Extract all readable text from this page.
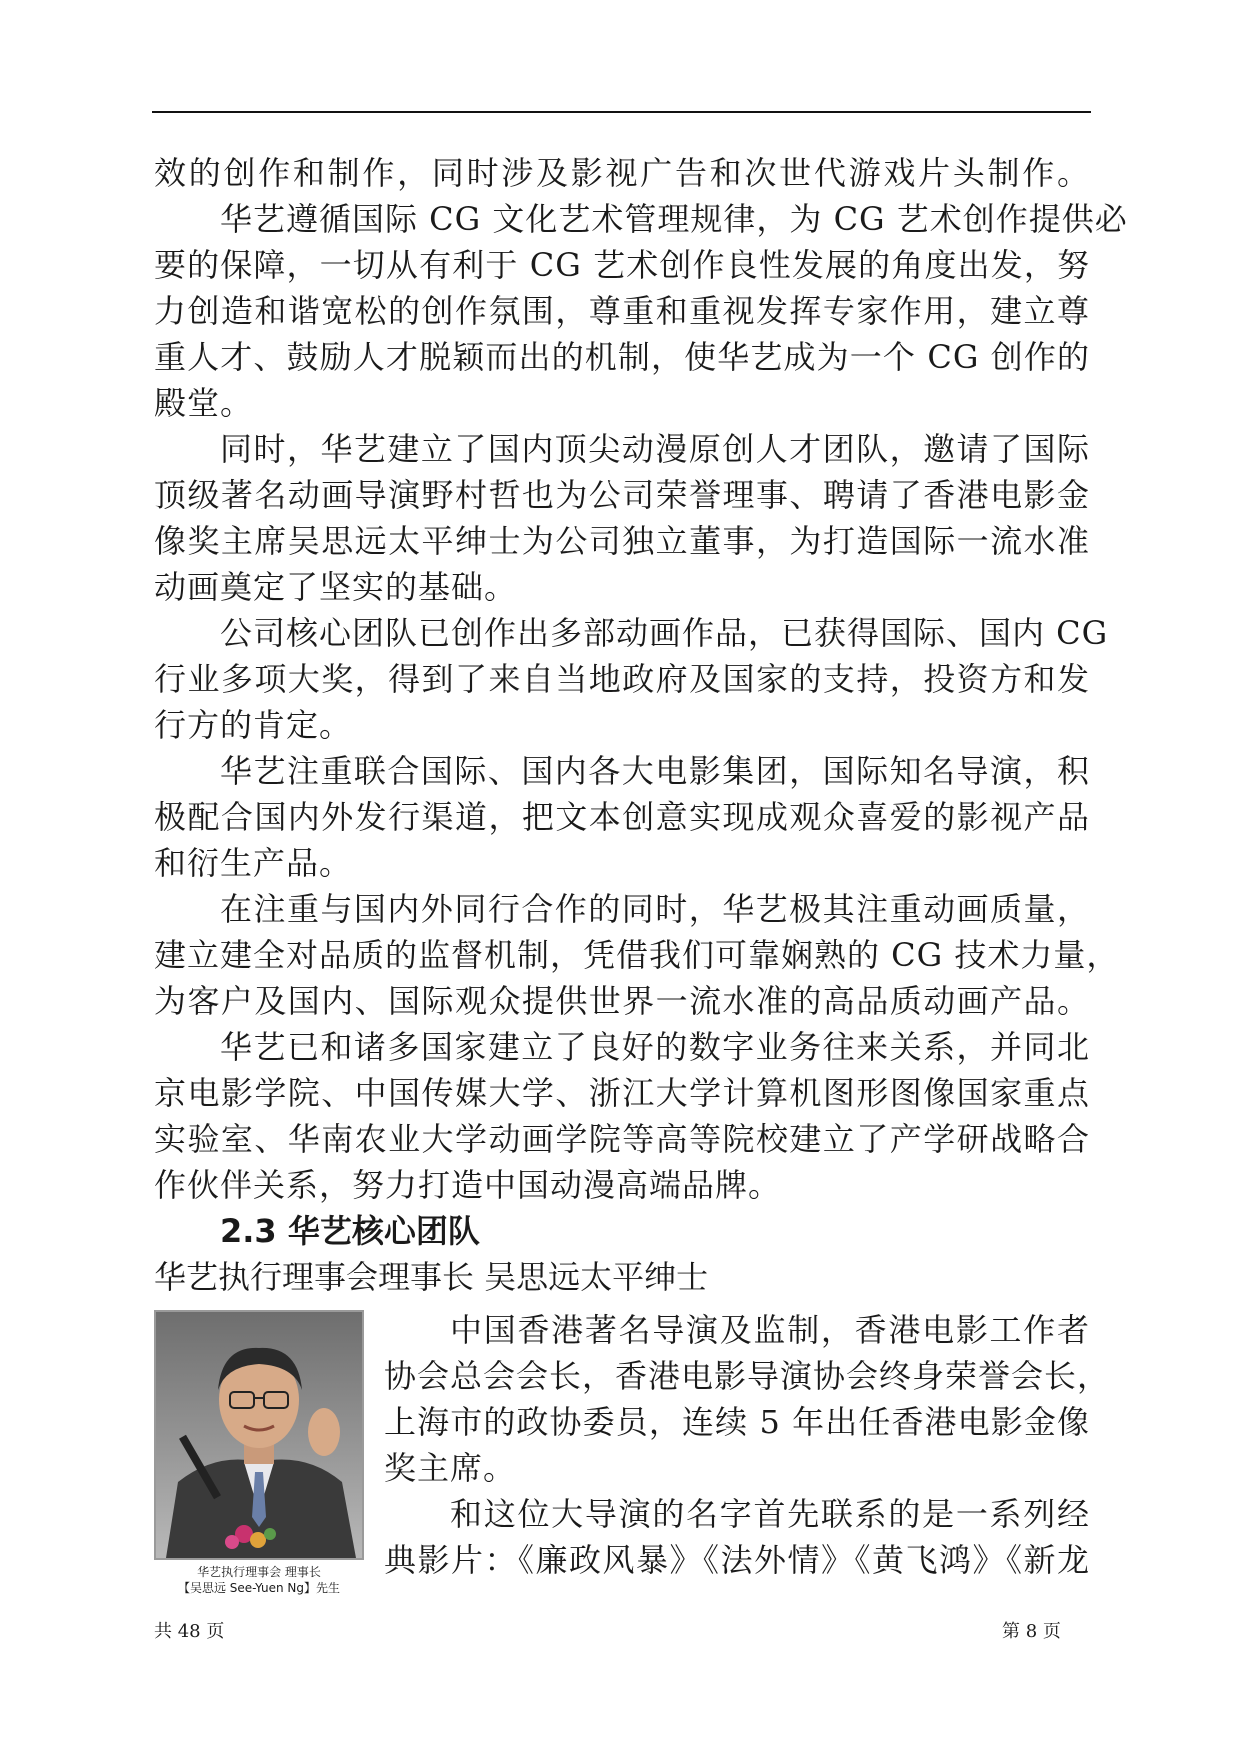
效的创作和制作，同时涉及影视广告和次世代游戏片头制作。
华艺遵循国际 CG 文化艺术管理规律，为 CG 艺术创作提供必
要的保障，一切从有利于 CG 艺术创作良性发展的角度出发，努
力创造和谐宽松的创作氛围，尊重和重视发挥专家作用，建立尊
重人才、鼓励人才脱颖而出的机制，使华艺成为一个 CG 创作的
殿堂。
同时，华艺建立了国内顶尖动漫原创人才团队，邀请了国际
顶级著名动画导演野村哲也为公司荣誉理事、聘请了香港电影金
像奖主席吴思远太平绅士为公司独立董事，为打造国际一流水准
动画奠定了坚实的基础。
公司核心团队已创作出多部动画作品，已获得国际、国内 CG
行业多项大奖，得到了来自当地政府及国家的支持，投资方和发
行方的肯定。
华艺注重联合国际、国内各大电影集团，国际知名导演，积
极配合国内外发行渠道，把文本创意实现成观众喜爱的影视产品
和衍生产品。
在注重与国内外同行合作的同时，华艺极其注重动画质量，
建立建全对品质的监督机制，凭借我们可靠娴熟的 CG 技术力量，
为客户及国内、国际观众提供世界一流水准的高品质动画产品。
华艺已和诸多国家建立了良好的数字业务往来关系，并同北
京电影学院、中国传媒大学、浙江大学计算机图形图像国家重点
实验室、华南农业大学动画学院等高等院校建立了产学研战略合
作伙伴关系，努力打造中国动漫高端品牌。
2.3 华艺核心团队
华艺执行理事会理事长 吴思远太平绅士
华艺执行理事会 理事长
【吴思远 See-Yuen Ng】先生
中国香港著名导演及监制，香港电影工作者
协会总会会长，香港电影导演协会终身荣誉会长，
上海市的政协委员，连续 5 年出任香港电影金像
奖主席。
和这位大导演的名字首先联系的是一系列经
典影片：《廉政风暴》《法外情》《黄飞鸿》《新龙
共 48 页	第 8 页
